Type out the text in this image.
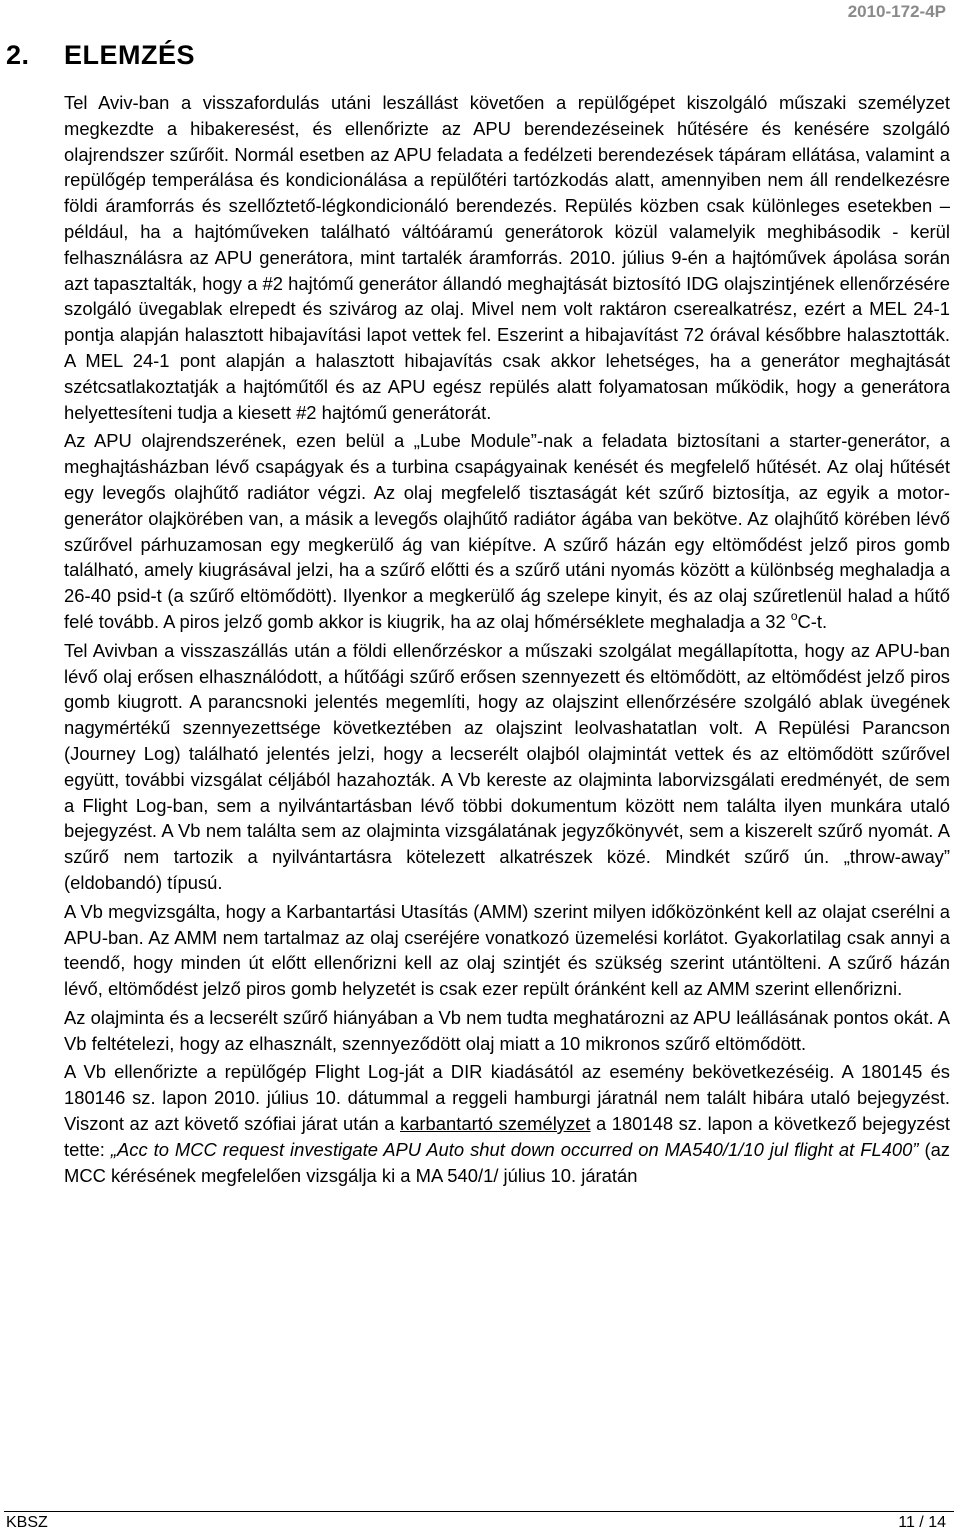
2010-172-4P
2. ELEMZÉS

Tel Aviv-ban a visszafordulás utáni leszállást követően a repülőgépet kiszolgáló műszaki személyzet megkezdte a hibakeresést, és ellenőrizte az APU berendezéseinek hűtésére és kenésére szolgáló olajrendszer szűrőit. Normál esetben az APU feladata a fedélzeti berendezések tápáram ellátása, valamint a repülőgép temperálása és kondicionálása a repülőtéri tartózkodás alatt, amennyiben nem áll rendelkezésre földi áramforrás és szellőztető-légkondicionáló berendezés. Repülés közben csak különleges esetekben – például, ha a hajtóműveken található váltóáramú generátorok közül valamelyik meghibásodik - kerül felhasználásra az APU generátora, mint tartalék áramforrás. 2010. július 9-én a hajtóművek ápolása során azt tapasztalták, hogy a #2 hajtómű generátor állandó meghajtását biztosító IDG olajszintjének ellenőrzésére szolgáló üvegablak elrepedt és szivárog az olaj. Mivel nem volt raktáron cserealkatrész, ezért a MEL 24-1 pontja alapján halasztott hibajavítási lapot vettek fel. Eszerint a hibajavítást 72 órával későbbre halasztották. A MEL 24-1 pont alapján a halasztott hibajavítás csak akkor lehetséges, ha a generátor meghajtását szétcsatlakoztatják a hajtóműtől és az APU egész repülés alatt folyamatosan működik, hogy a generátora helyettesíteni tudja a kiesett #2 hajtómű generátorát.

Az APU olajrendszerének, ezen belül a „Lube Module”-nak a feladata biztosítani a starter-generátor, a meghajtásházban lévő csapágyak és a turbina csapágyainak kenését és megfelelő hűtését. Az olaj hűtését egy levegős olajhűtő radiátor végzi. Az olaj megfelelő tisztaságát két szűrő biztosítja, az egyik a motor-generátor olajkörében van, a másik a levegős olajhűtő radiátor ágába van bekötve. Az olajhűtő körében lévő szűrővel párhuzamosan egy megkerülő ág van kiépítve. A szűrő házán egy eltömődést jelző piros gomb található, amely kiugrásával jelzi, ha a szűrő előtti és a szűrő utáni nyomás között a különbség meghaladja a 26-40 psid-t (a szűrő eltömődött). Ilyenkor a megkerülő ág szelepe kinyit, és az olaj szűretlenül halad a hűtő felé tovább. A piros jelző gomb akkor is kiugrik, ha az olaj hőmérséklete meghaladja a 32 $^o$C-t.

Tel Avivban a visszaszállás után a földi ellenőrzéskor a műszaki szolgálat megállapította, hogy az APU-ban lévő olaj erősen elhasználódott, a hűtőági szűrő erősen szennyezett és eltömődött, az eltömődést jelző piros gomb kiugrott. A parancsnoki jelentés megemlíti, hogy az olajszint ellenőrzésére szolgáló ablak üvegének nagymértékű szennyezettsége következtében az olajszint leolvashatatlan volt. A Repülési Parancson (Journey Log) található jelentés jelzi, hogy a lecserélt olajból olajmintát vettek és az eltömődött szűrővel együtt, további vizsgálat céljából hazahozták. A Vb kereste az olajminta laborvizsgálati eredményét, de sem a Flight Log-ban, sem a nyilvántartásban lévő többi dokumentum között nem találta ilyen munkára utaló bejegyzést. A Vb nem találta sem az olajminta vizsgálatának jegyzőkönyvét, sem a kiszerelt szűrő nyomát. A szűrő nem tartozik a nyilvántartásra kötelezett alkatrészek közé. Mindkét szűrő ún. „throw-away” (eldobandó) típusú.

A Vb megvizsgálta, hogy a Karbantartási Utasítás (AMM) szerint milyen időközönként kell az olajat cserélni a APU-ban. Az AMM nem tartalmaz az olaj cseréjére vonatkozó üzemelési korlátot. Gyakorlatilag csak annyi a teendő, hogy minden út előtt ellenőrizni kell az olaj szintjét és szükség szerint utántölteni. A szűrő házán lévő, eltömődést jelző piros gomb helyzetét is csak ezer repült óránként kell az AMM szerint ellenőrizni.

Az olajminta és a lecserélt szűrő hiányában a Vb nem tudta meghatározni az APU leállásának pontos okát. A Vb feltételezi, hogy az elhasznált, szennyeződött olaj miatt a 10 mikronos szűrő eltömődött.

A Vb ellenőrizte a repülőgép Flight Log-ját a DIR kiadásától az esemény bekövetkezéséig. A 180145 és 180146 sz. lapon 2010. július 10. dátummal a reggeli hamburgi járatnál nem talált hibára utaló bejegyzést. Viszont az azt követő szófiai járat után a karbantartó személyzet a 180148 sz. lapon a következő bejegyzést tette: „Acc to MCC request investigate APU Auto shut down occurred on MA540/1/10 jul flight at FL400” (az MCC kérésének megfelelően vizsgálja ki a MA 540/1/ július 10. járatán

KBSZ	11 / 14
